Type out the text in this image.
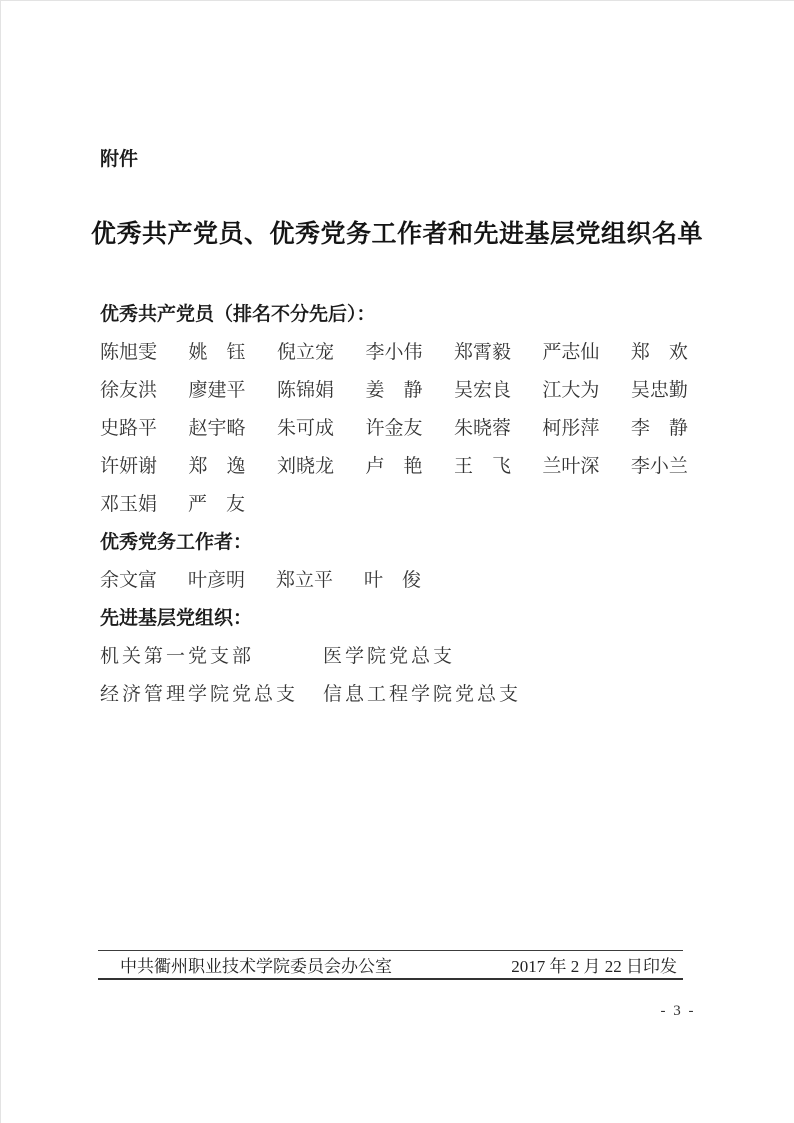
附件
优秀共产党员、优秀党务工作者和先进基层党组织名单
优秀共产党员（排名不分先后）：
陈旭雯 姚　钰 倪立宠 李小伟 郑霄毅 严志仙 郑　欢
徐友洪 廖建平 陈锦娟 姜　静 吴宏良 江大为 吴忠勤
史路平 赵宇略 朱可成 许金友 朱晓蓉 柯彤萍 李　静
许妍谢 郑　逸 刘晓龙 卢　艳 王　飞 兰叶深 李小兰
邓玉娟 严　友
优秀党务工作者：
余文富 叶彦明 郑立平 叶　俊
先进基层党组织：
机关第一党支部	医学院党总支
经济管理学院党总支	信息工程学院党总支
中共衢州职业技术学院委员会办公室	2017 年 2 月 22 日印发
- 3 -
